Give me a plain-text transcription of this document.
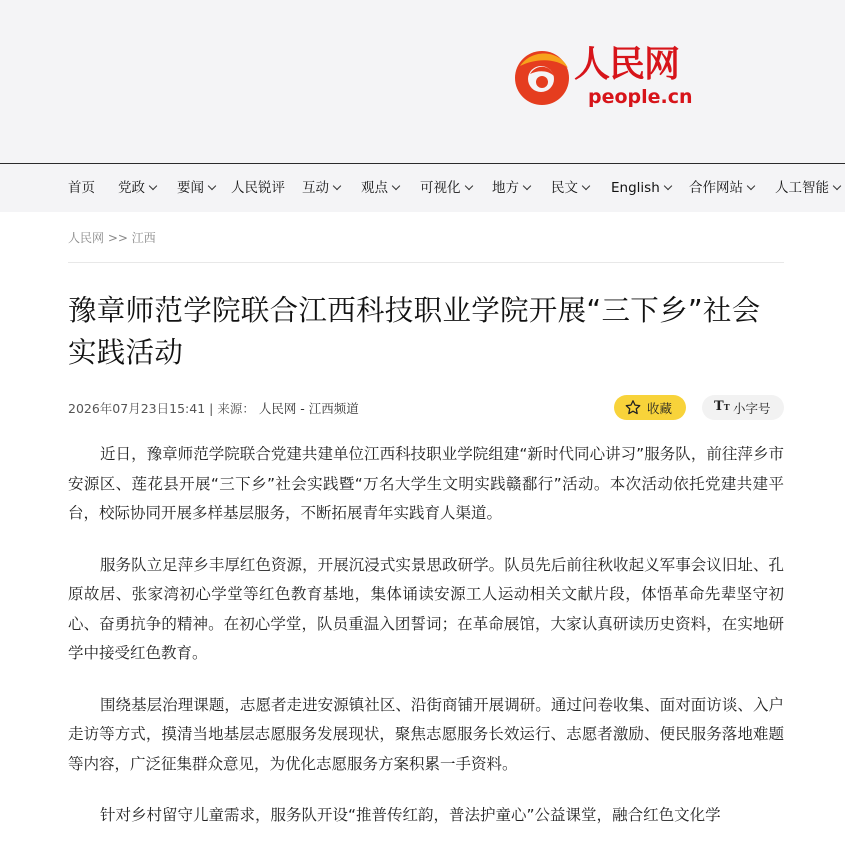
人民网
people.cn
首页 党政	要闻	人民锐评 互动	观点	可视化	地方	民文	English	合作网站	人工智能
人民网 >> 江西
豫章师范学院联合江西科技职业学院开展“三下乡”社会实践活动
2026年07月23日15:41 | 来源： 人民网 - 江西频道	收藏	TT 小字号

近日，豫章师范学院联合党建共建单位江西科技职业学院组建“新时代同心讲习”服务队，前往萍乡市安源区、莲花县开展“三下乡”社会实践暨“万名大学生文明实践赣鄱行”活动。本次活动依托党建共建平台，校际协同开展多样基层服务，不断拓展青年实践育人渠道。

服务队立足萍乡丰厚红色资源，开展沉浸式实景思政研学。队员先后前往秋收起义军事会议旧址、孔原故居、张家湾初心学堂等红色教育基地，集体诵读安源工人运动相关文献片段，体悟革命先辈坚守初心、奋勇抗争的精神。在初心学堂，队员重温入团誓词；在革命展馆，大家认真研读历史资料，在实地研学中接受红色教育。

围绕基层治理课题，志愿者走进安源镇社区、沿街商铺开展调研。通过问卷收集、面对面访谈、入户走访等方式，摸清当地基层志愿服务发展现状，聚焦志愿服务长效运行、志愿者激励、便民服务落地难题等内容，广泛征集群众意见，为优化志愿服务方案积累一手资料。

针对乡村留守儿童需求，服务队开设“推普传红韵，普法护童心”公益课堂，融合红色文化学
